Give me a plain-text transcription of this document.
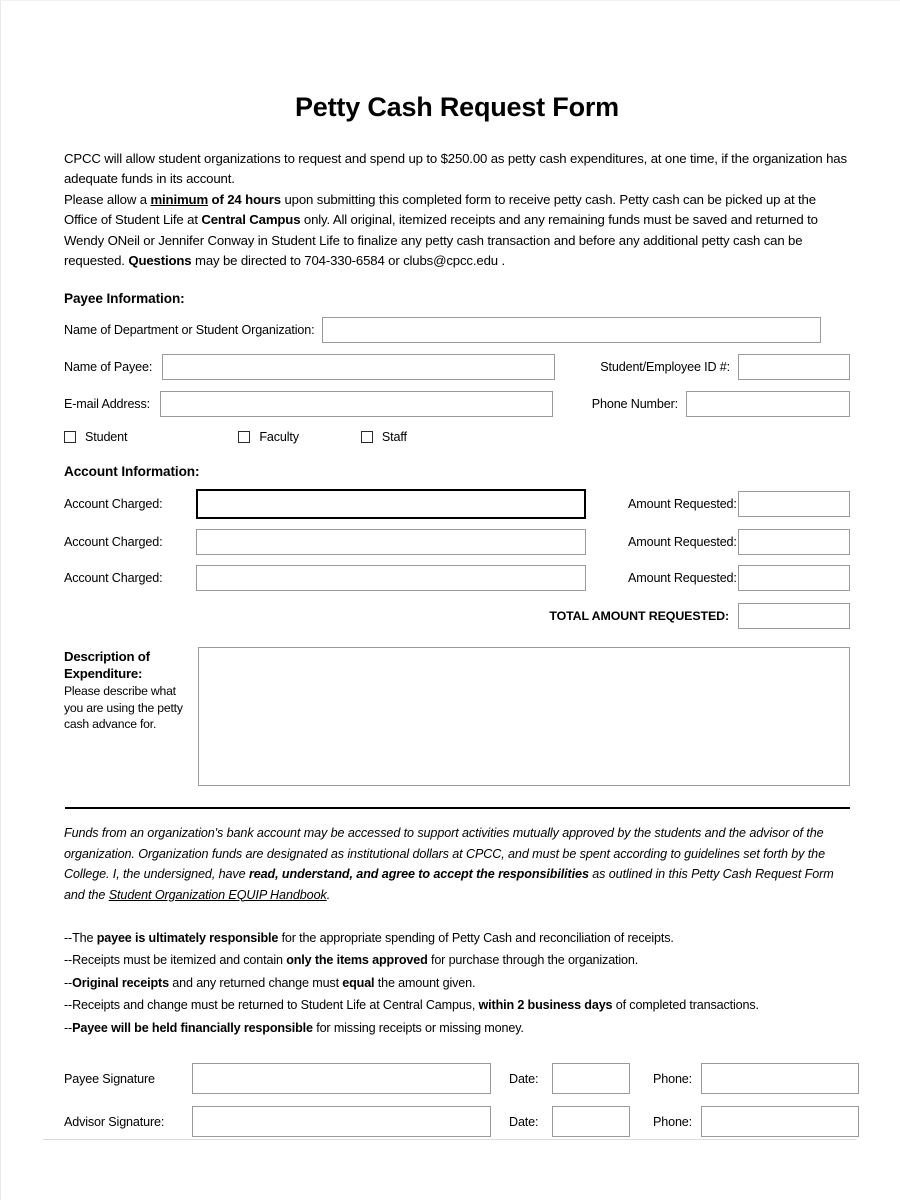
Petty Cash Request Form

CPCC will allow student organizations to request and spend up to $250.00 as petty cash expenditures, at one time, if the organization has adequate funds in its account.

Please allow a minimum of 24 hours upon submitting this completed form to receive petty cash. Petty cash can be picked up at the Office of Student Life at Central Campus only. All original, itemized receipts and any remaining funds must be saved and returned to Wendy ONeil or Jennifer Conway in Student Life to finalize any petty cash transaction and before any additional petty cash can be requested. Questions may be directed to 704-330-6584 or clubs@cpcc.edu .

Payee Information:
Name of Department or Student Organization:
Name of Payee:	Student/Employee ID #:
E-mail Address:	Phone Number:
Student	Faculty	Staff
Account Information:
Account Charged:	Amount Requested:
Account Charged:	Amount Requested:
Account Charged:	Amount Requested:
TOTAL AMOUNT REQUESTED:
Description of Expenditure:
Please describe what you are using the petty cash advance for.
Funds from an organization's bank account may be accessed to support activities mutually approved by the students and the advisor of the organization. Organization funds are designated as institutional dollars at CPCC, and must be spent according to guidelines set forth by the College. I, the undersigned, have read, understand, and agree to accept the responsibilities as outlined in this Petty Cash Request Form and the Student Organization EQUIP Handbook.
--The payee is ultimately responsible for the appropriate spending of Petty Cash and reconciliation of receipts.
--Receipts must be itemized and contain only the items approved for purchase through the organization.
--Original receipts and any returned change must equal the amount given.
--Receipts and change must be returned to Student Life at Central Campus, within 2 business days of completed transactions.
--Payee will be held financially responsible for missing receipts or missing money.
Payee Signature	Date:	Phone:
Advisor Signature:	Date:	Phone:
